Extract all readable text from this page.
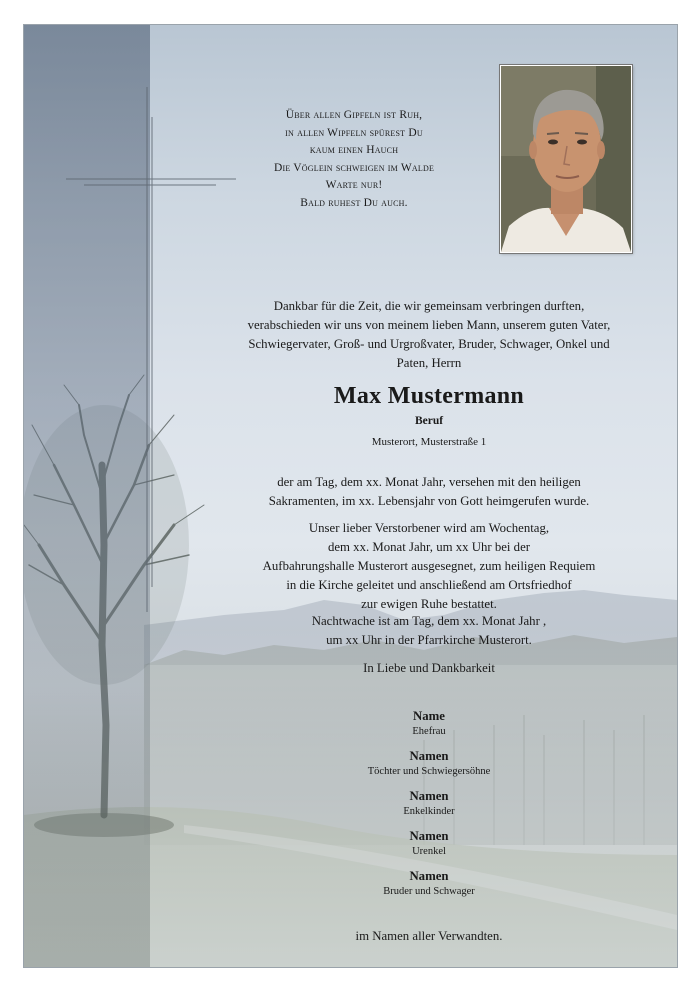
Über allen Gipfeln ist Ruh,
in allen Wipfeln spürest Du
kaum einen Hauch
Die Vöglein schweigen im Walde
Warte nur!
Bald ruhest Du auch.
Dankbar für die Zeit, die wir gemeinsam verbringen durften,
verabschieden wir uns von meinem lieben Mann, unserem guten Vater,
Schwiegervater, Groß- und Urgroßvater, Bruder, Schwager, Onkel und
Paten, Herrn
Max Mustermann
Beruf
Musterort, Musterstraße 1
der am Tag, dem xx. Monat Jahr, versehen mit den heiligen
Sakramenten, im xx. Lebensjahr von Gott heimgerufen wurde.
Unser lieber Verstorbener wird am Wochentag,
dem xx. Monat Jahr, um xx Uhr bei der
Aufbahrungshalle Musterort ausgesegnet, zum heiligen Requiem
in die Kirche geleitet und anschließend am Ortsfriedhof
zur ewigen Ruhe bestattet.
Nachtwache ist am Tag, dem xx. Monat Jahr ,
um xx Uhr in der Pfarrkirche Musterort.
In Liebe und Dankbarkeit
Name
Ehefrau
Namen
Töchter und Schwiegersöhne
Namen
Enkelkinder
Namen
Urenkel
Namen
Bruder und Schwager
im Namen aller Verwandten.
